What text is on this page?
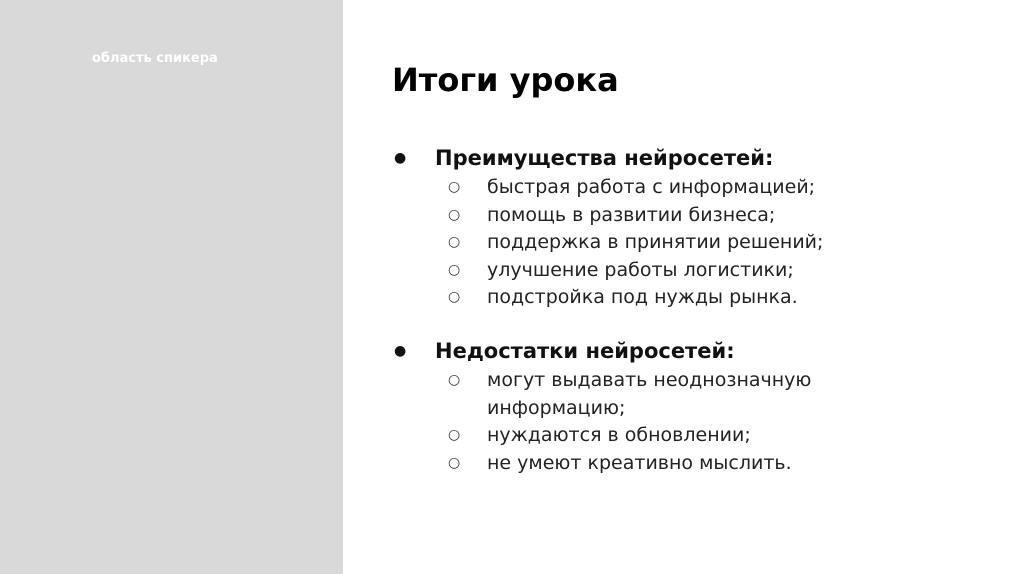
область спикера
Итоги урока
● Преимущества нейросетей:
○ быстрая работа с информацией;
○ помощь в развитии бизнеса;
○ поддержка в принятии решений;
○ улучшение работы логистики;
○ подстройка под нужды рынка.
● Недостатки нейросетей:
○ могут выдавать неоднозначную информацию;
○ нуждаются в обновлении;
○ не умеют креативно мыслить.
